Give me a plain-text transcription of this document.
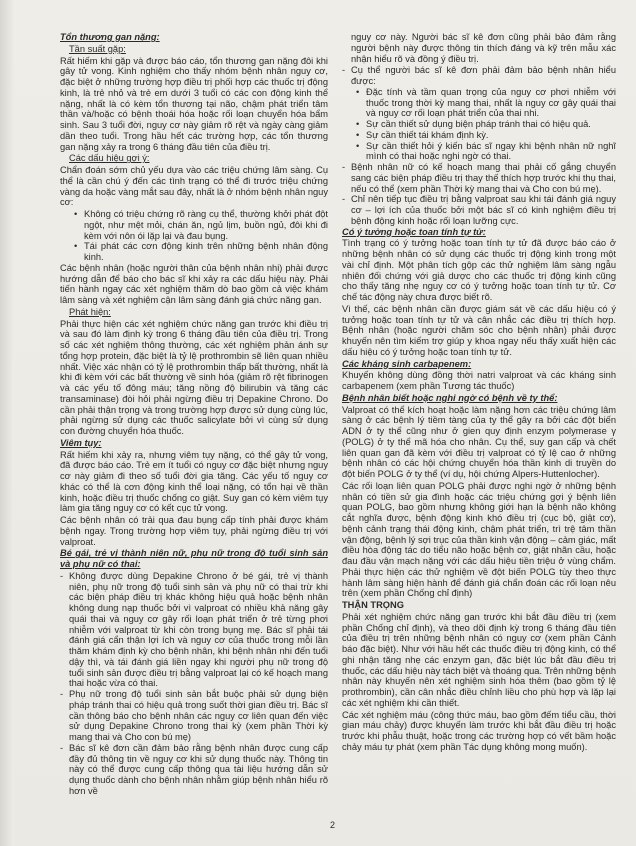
Tổn thương gan nặng:

Tần suất gặp:

Rất hiếm khi gặp và được báo cáo, tổn thương gan nặng đôi khi gây tử vong. Kinh nghiệm cho thấy nhóm bệnh nhân nguy cơ, đặc biệt ở những trường hợp điều trị phối hợp các thuốc trị động kinh, là trẻ nhỏ và trẻ em dưới 3 tuổi có các con động kinh thể nặng, nhất là có kèm tổn thương tại não, chậm phát triển tâm thần và/hoặc có bệnh thoái hóa hoặc rối loạn chuyển hóa bẩm sinh. Sau 3 tuổi đời, nguy cơ này giảm rõ rệt và ngày càng giảm dần theo tuổi. Trong hầu hết các trường hợp, các tổn thương gan nặng xảy ra trong 6 tháng đầu tiên của điều trị.

Các dấu hiệu gợi ý:

Chẩn đoán sớm chủ yếu dựa vào các triệu chứng lâm sàng. Cụ thể là cần chú ý đến các tình trạng có thể đi trước triệu chứng vàng da hoặc vàng mắt sau đây, nhất là ở nhóm bệnh nhân nguy cơ:

• Không có triệu chứng rõ ràng cụ thể, thường khởi phát đột ngột, như mệt mỏi, chán ăn, ngủ lịm, buồn ngủ, đôi khi đi kèm với nôn ói lặp lại và đau bụng.
• Tái phát các cơn động kinh trên những bệnh nhân động kinh.

Các bệnh nhân (hoặc người thân của bệnh nhân nhi) phải được hướng dẫn để báo cho bác sĩ khi xảy ra các dấu hiệu này. Phải tiến hành ngay các xét nghiệm thăm dò bao gồm cả việc khám lâm sàng và xét nghiệm cận lâm sàng đánh giá chức năng gan.

Phát hiện:

Phải thực hiện các xét nghiệm chức năng gan trước khi điều trị và sau đó làm định kỳ trong 6 tháng đầu tiên của điều trị. Trong số các xét nghiệm thông thường, các xét nghiệm phản ánh sự tổng hợp protein, đặc biệt là tỷ lệ prothrombin sẽ liên quan nhiều nhất. Việc xác nhận có tỷ lệ prothrombin thấp bất thường, nhất là khi đi kèm với các bất thường về sinh hóa (giảm rõ rệt fibrinogen và các yếu tố đông máu; tăng nồng độ bilirubin và tăng các transaminase) đòi hỏi phải ngừng điều trị Depakine Chrono. Do cần phải thận trọng và trong trường hợp được sử dụng cùng lúc, phải ngừng sử dụng các thuốc salicylate bởi vì cùng sử dụng con đường chuyển hóa thuốc.

Viêm tụy:

Rất hiếm khi xảy ra, nhưng viêm tụy nặng, có thể gây tử vong, đã được báo cáo. Trẻ em ít tuổi có nguy cơ đặc biệt nhưng nguy cơ này giảm đi theo số tuổi đời gia tăng. Các yếu tố nguy cơ khác có thể là cơn động kinh thể loại nặng, có tổn hại về thần kinh, hoặc điều trị thuốc chống co giật. Suy gan có kèm viêm tụy làm gia tăng nguy cơ có kết cục tử vong.

Các bệnh nhân có trải qua đau bụng cấp tính phải được khám bệnh ngay. Trong trường hợp viêm tụy, phải ngừng điều trị với valproat.

Bé gái, trẻ vị thành niên nữ, phụ nữ trong độ tuổi sinh sản và phụ nữ có thai:

- Không được dùng Depakine Chrono ở bé gái, trẻ vị thành niên, phụ nữ trong độ tuổi sinh sản và phụ nữ có thai trừ khi các biện pháp điều trị khác không hiệu quả hoặc bệnh nhân không dung nạp thuốc bởi vì valproat có nhiều khả năng gây quái thai và nguy cơ gây rối loạn phát triển ở trẻ từng phơi nhiễm với valproat từ khi còn trong bụng mẹ. Bác sĩ phải tái đánh giá cẩn thận lợi ích và nguy cơ của thuốc trong mỗi lần thăm khám định kỳ cho bệnh nhân, khi bệnh nhân nhi đến tuổi dậy thì, và tái đánh giá liền ngay khi người phụ nữ trong độ tuổi sinh sản được điều trị bằng valproat lại có kế hoạch mang thai hoặc vừa có thai.
- Phụ nữ trong độ tuổi sinh sản bắt buộc phải sử dụng biện pháp tránh thai có hiệu quả trong suốt thời gian điều trị. Bác sĩ cần thông báo cho bệnh nhân các nguy cơ liên quan đến việc sử dụng Depakine Chrono trong thai kỳ (xem phần Thời kỳ mang thai và Cho con bú mẹ)
- Bác sĩ kê đơn cần đảm bảo rằng bệnh nhân được cung cấp đầy đủ thông tin về nguy cơ khi sử dụng thuốc này. Thông tin này có thể được cung cấp thông qua tài liệu hướng dẫn sử dụng thuốc dành cho bệnh nhân nhằm giúp bệnh nhân hiểu rõ hơn về

nguy cơ này. Người bác sĩ kê đơn cũng phải bảo đảm rằng người bệnh này được thông tin thích đáng và kỹ trên mẫu xác nhận hiểu rõ và đồng ý điều trị.

- Cụ thể người bác sĩ kê đơn phải đảm bảo bệnh nhân hiểu được:
• Đặc tính và tầm quan trọng của nguy cơ phơi nhiễm với thuốc trong thời kỳ mang thai, nhất là nguy cơ gây quái thai và nguy cơ rối loạn phát triển của thai nhi.
• Sự cần thiết sử dụng biện pháp tránh thai có hiệu quả.
• Sự cần thiết tái khám định kỳ.
• Sự cần thiết hỏi ý kiến bác sĩ ngay khi bệnh nhân nữ nghĩ mình có thai hoặc nghi ngờ có thai.
- Bệnh nhân nữ có kế hoạch mang thai phải cố gắng chuyển sang các biện pháp điều trị thay thế thích hợp trước khi thụ thai, nếu có thể (xem phần Thời kỳ mang thai và Cho con bú mẹ).
- Chỉ nên tiếp tục điều trị bằng valproat sau khi tái đánh giá nguy cơ – lợi ích của thuốc bởi một bác sĩ có kinh nghiệm điều trị bệnh động kinh hoặc rối loạn lưỡng cực.

Có ý tưởng hoặc toan tính tự tử:

Tình trạng có ý tưởng hoặc toan tính tự tử đã được báo cáo ở những bệnh nhân có sử dụng các thuốc trị động kinh trong một vài chỉ định. Một phân tích gộp các thử nghiệm lâm sàng ngẫu nhiên đối chứng với giả dược cho các thuốc trị động kinh cũng cho thấy tăng nhẹ nguy cơ có ý tưởng hoặc toan tính tự tử. Cơ chế tác động này chưa được biết rõ.

Vì thế, các bệnh nhân cần được giám sát về các dấu hiệu có ý tưởng hoặc toan tính tự tử và cân nhắc các điều trị thích hợp. Bệnh nhân (hoặc người chăm sóc cho bệnh nhân) phải được khuyến nên tìm kiếm trợ giúp y khoa ngay nếu thấy xuất hiện các dấu hiệu có ý tưởng hoặc toan tính tự tử.

Các kháng sinh carbapenem:

Khuyến không dùng đồng thời natri valproat và các kháng sinh carbapenem (xem phần Tương tác thuốc)

Bệnh nhân biết hoặc nghi ngờ có bệnh về ty thể:

Valproat có thể kích hoạt hoặc làm nặng hơn các triệu chứng lâm sàng ở các bệnh lý tiềm tàng của ty thể gây ra bởi các đột biến ADN ở ty thể cũng như ở gien quy định enzym polymerase γ (POLG) ở ty thể mã hóa cho nhân. Cụ thể, suy gan cấp và chết liên quan gan đã kèm với điều trị valproat có tỷ lệ cao ở những bệnh nhân có các hội chứng chuyển hóa thần kinh di truyền do đột biến POLG ở ty thể (ví dụ, hội chứng Alpers-Huttenlocher).

Các rối loạn liên quan POLG phải được nghi ngờ ở những bệnh nhân có tiền sử gia đình hoặc các triệu chứng gợi ý bệnh liên quan POLG, bao gồm nhưng không giới hạn là bệnh não không cắt nghĩa được, bệnh động kinh khó điều trị (cục bộ, giật cơ), bệnh cảnh trạng thái động kinh, chậm phát triển, trì trệ tâm thần vận động, bệnh lý sợi trục của thần kinh vận động – cảm giác, mất điều hòa động tác do tiểu não hoặc bệnh cơ, giật nhãn cầu, hoặc đau đầu vận mạch nặng với các dấu hiệu tiền triệu ở vùng chẩm. Phải thực hiện các thử nghiệm về đột biến POLG tùy theo thực hành lâm sàng hiện hành để đánh giá chẩn đoán các rối loạn nêu trên (xem phần Chống chỉ định)

THẬN TRỌNG

Phải xét nghiệm chức năng gan trước khi bắt đầu điều trị (xem phần Chống chỉ định), và theo dõi định kỳ trong 6 tháng đầu tiên của điều trị trên những bệnh nhân có nguy cơ (xem phần Cảnh báo đặc biệt). Như với hầu hết các thuốc điều trị động kinh, có thể ghi nhận tăng nhẹ các enzym gan, đặc biệt lúc bắt đầu điều trị thuốc, các dấu hiệu này tách biệt và thoáng qua. Trên những bệnh nhân này khuyến nên xét nghiệm sinh hóa thêm (bao gồm tỷ lệ prothrombin), cần cân nhắc điều chỉnh liều cho phù hợp và lặp lại các xét nghiệm khi cần thiết.

Các xét nghiệm máu (công thức máu, bao gồm đếm tiểu cầu, thời gian máu chảy) được khuyến làm trước khi bắt đầu điều trị hoặc trước khi phẫu thuật, hoặc trong các trường hợp có vết bầm hoặc chảy máu tự phát (xem phần Tác dụng không mong muốn).

2
